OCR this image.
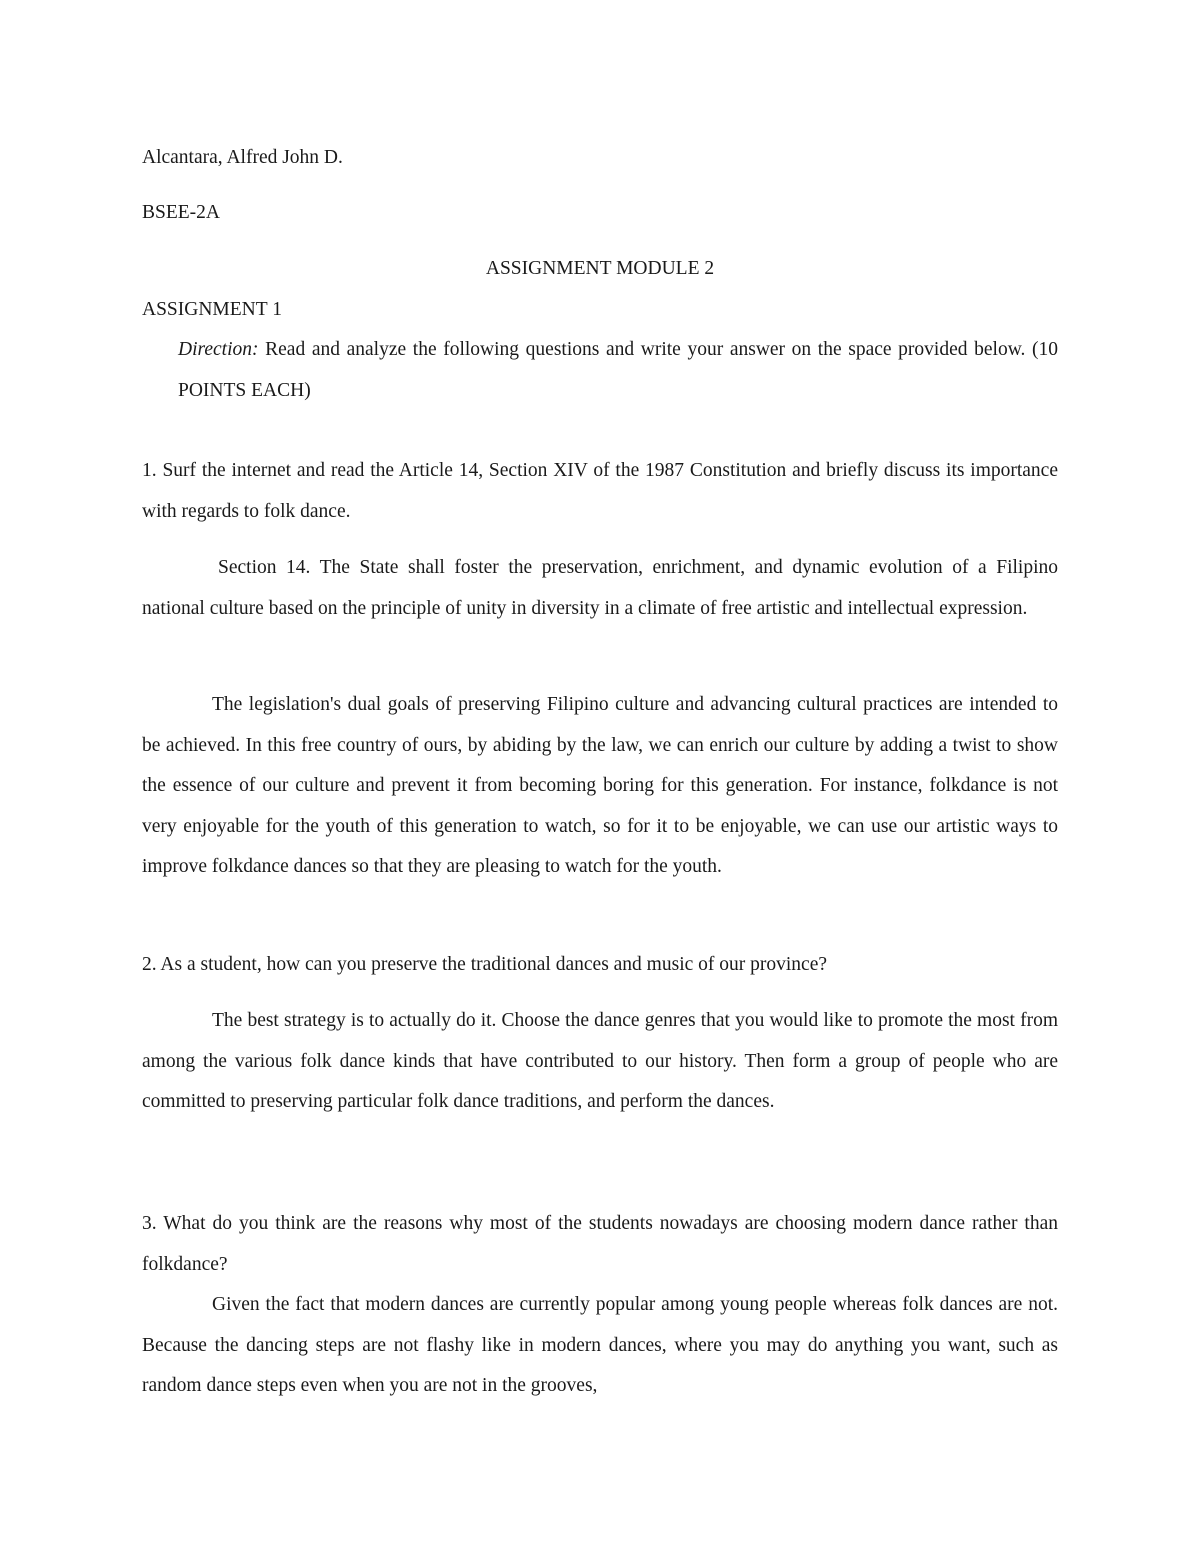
Alcantara, Alfred John D.
BSEE-2A
ASSIGNMENT MODULE 2
ASSIGNMENT 1
Direction: Read and analyze the following questions and write your answer on the space provided below. (10 POINTS EACH)
1. Surf the internet and read the Article 14, Section XIV of the 1987 Constitution and briefly discuss its importance with regards to folk dance.
Section 14. The State shall foster the preservation, enrichment, and dynamic evolution of a Filipino national culture based on the principle of unity in diversity in a climate of free artistic and intellectual expression.
The legislation's dual goals of preserving Filipino culture and advancing cultural practices are intended to be achieved. In this free country of ours, by abiding by the law, we can enrich our culture by adding a twist to show the essence of our culture and prevent it from becoming boring for this generation. For instance, folkdance is not very enjoyable for the youth of this generation to watch, so for it to be enjoyable, we can use our artistic ways to improve folkdance dances so that they are pleasing to watch for the youth.
2. As a student, how can you preserve the traditional dances and music of our province?
The best strategy is to actually do it. Choose the dance genres that you would like to promote the most from among the various folk dance kinds that have contributed to our history. Then form a group of people who are committed to preserving particular folk dance traditions, and perform the dances.
3. What do you think are the reasons why most of the students nowadays are choosing modern dance rather than folkdance?
Given the fact that modern dances are currently popular among young people whereas folk dances are not. Because the dancing steps are not flashy like in modern dances, where you may do anything you want, such as random dance steps even when you are not in the grooves,
